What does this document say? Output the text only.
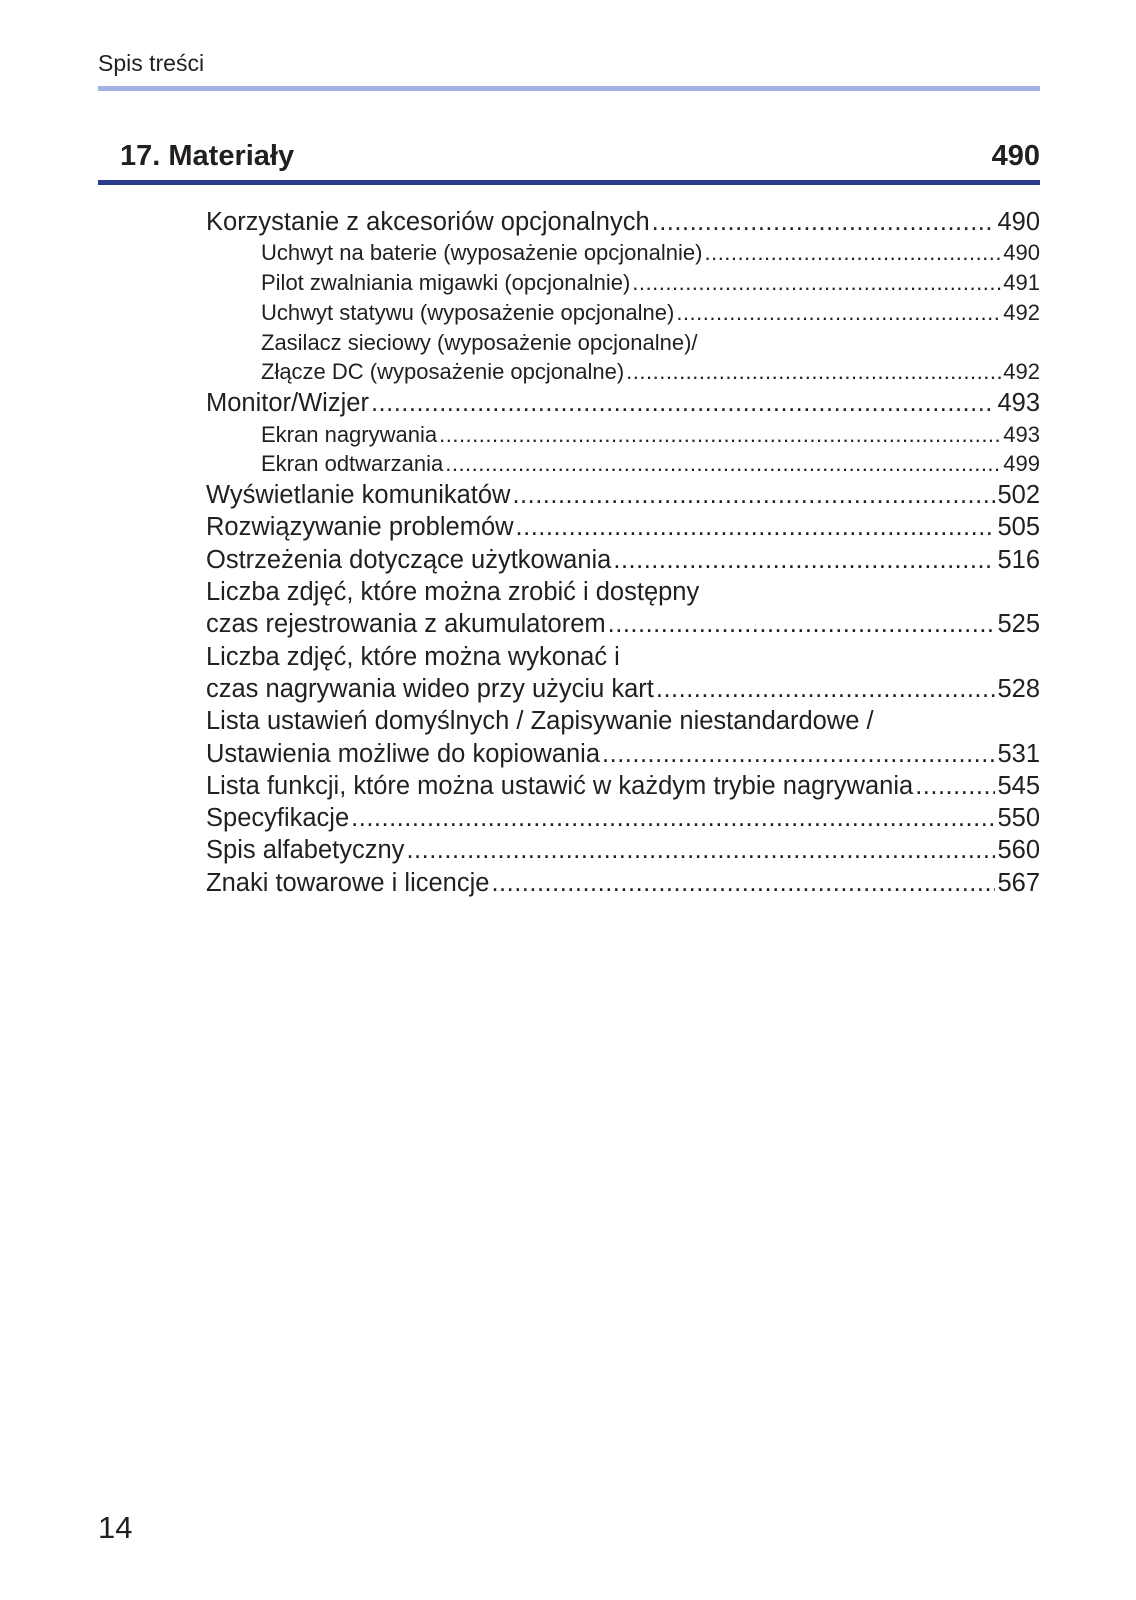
Spis treści
17. Materiały	490
Korzystanie z akcesoriów opcjonalnych .....	490
Uchwyt na baterie (wyposażenie opcjonalnie) .....	490
Pilot zwalniania migawki (opcjonalnie) .....	491
Uchwyt statywu (wyposażenie opcjonalne) .....	492
Zasilacz sieciowy (wyposażenie opcjonalne)/
Złącze DC (wyposażenie opcjonalne) .....	492
Monitor/Wizjer .....	493
Ekran nagrywania .....	493
Ekran odtwarzania .....	499
Wyświetlanie komunikatów .....	502
Rozwiązywanie problemów .....	505
Ostrzeżenia dotyczące użytkowania .....	516
Liczba zdjęć, które można zrobić i dostępny
czas rejestrowania z akumulatorem .....	525
Liczba zdjęć, które można wykonać i
czas nagrywania wideo przy użyciu kart .....	528
Lista ustawień domyślnych / Zapisywanie niestandardowe /
Ustawienia możliwe do kopiowania .....	531
Lista funkcji, które można ustawić w każdym trybie nagrywania .....	545
Specyfikacje .....	550
Spis alfabetyczny .....	560
Znaki towarowe i licencje .....	567
14
